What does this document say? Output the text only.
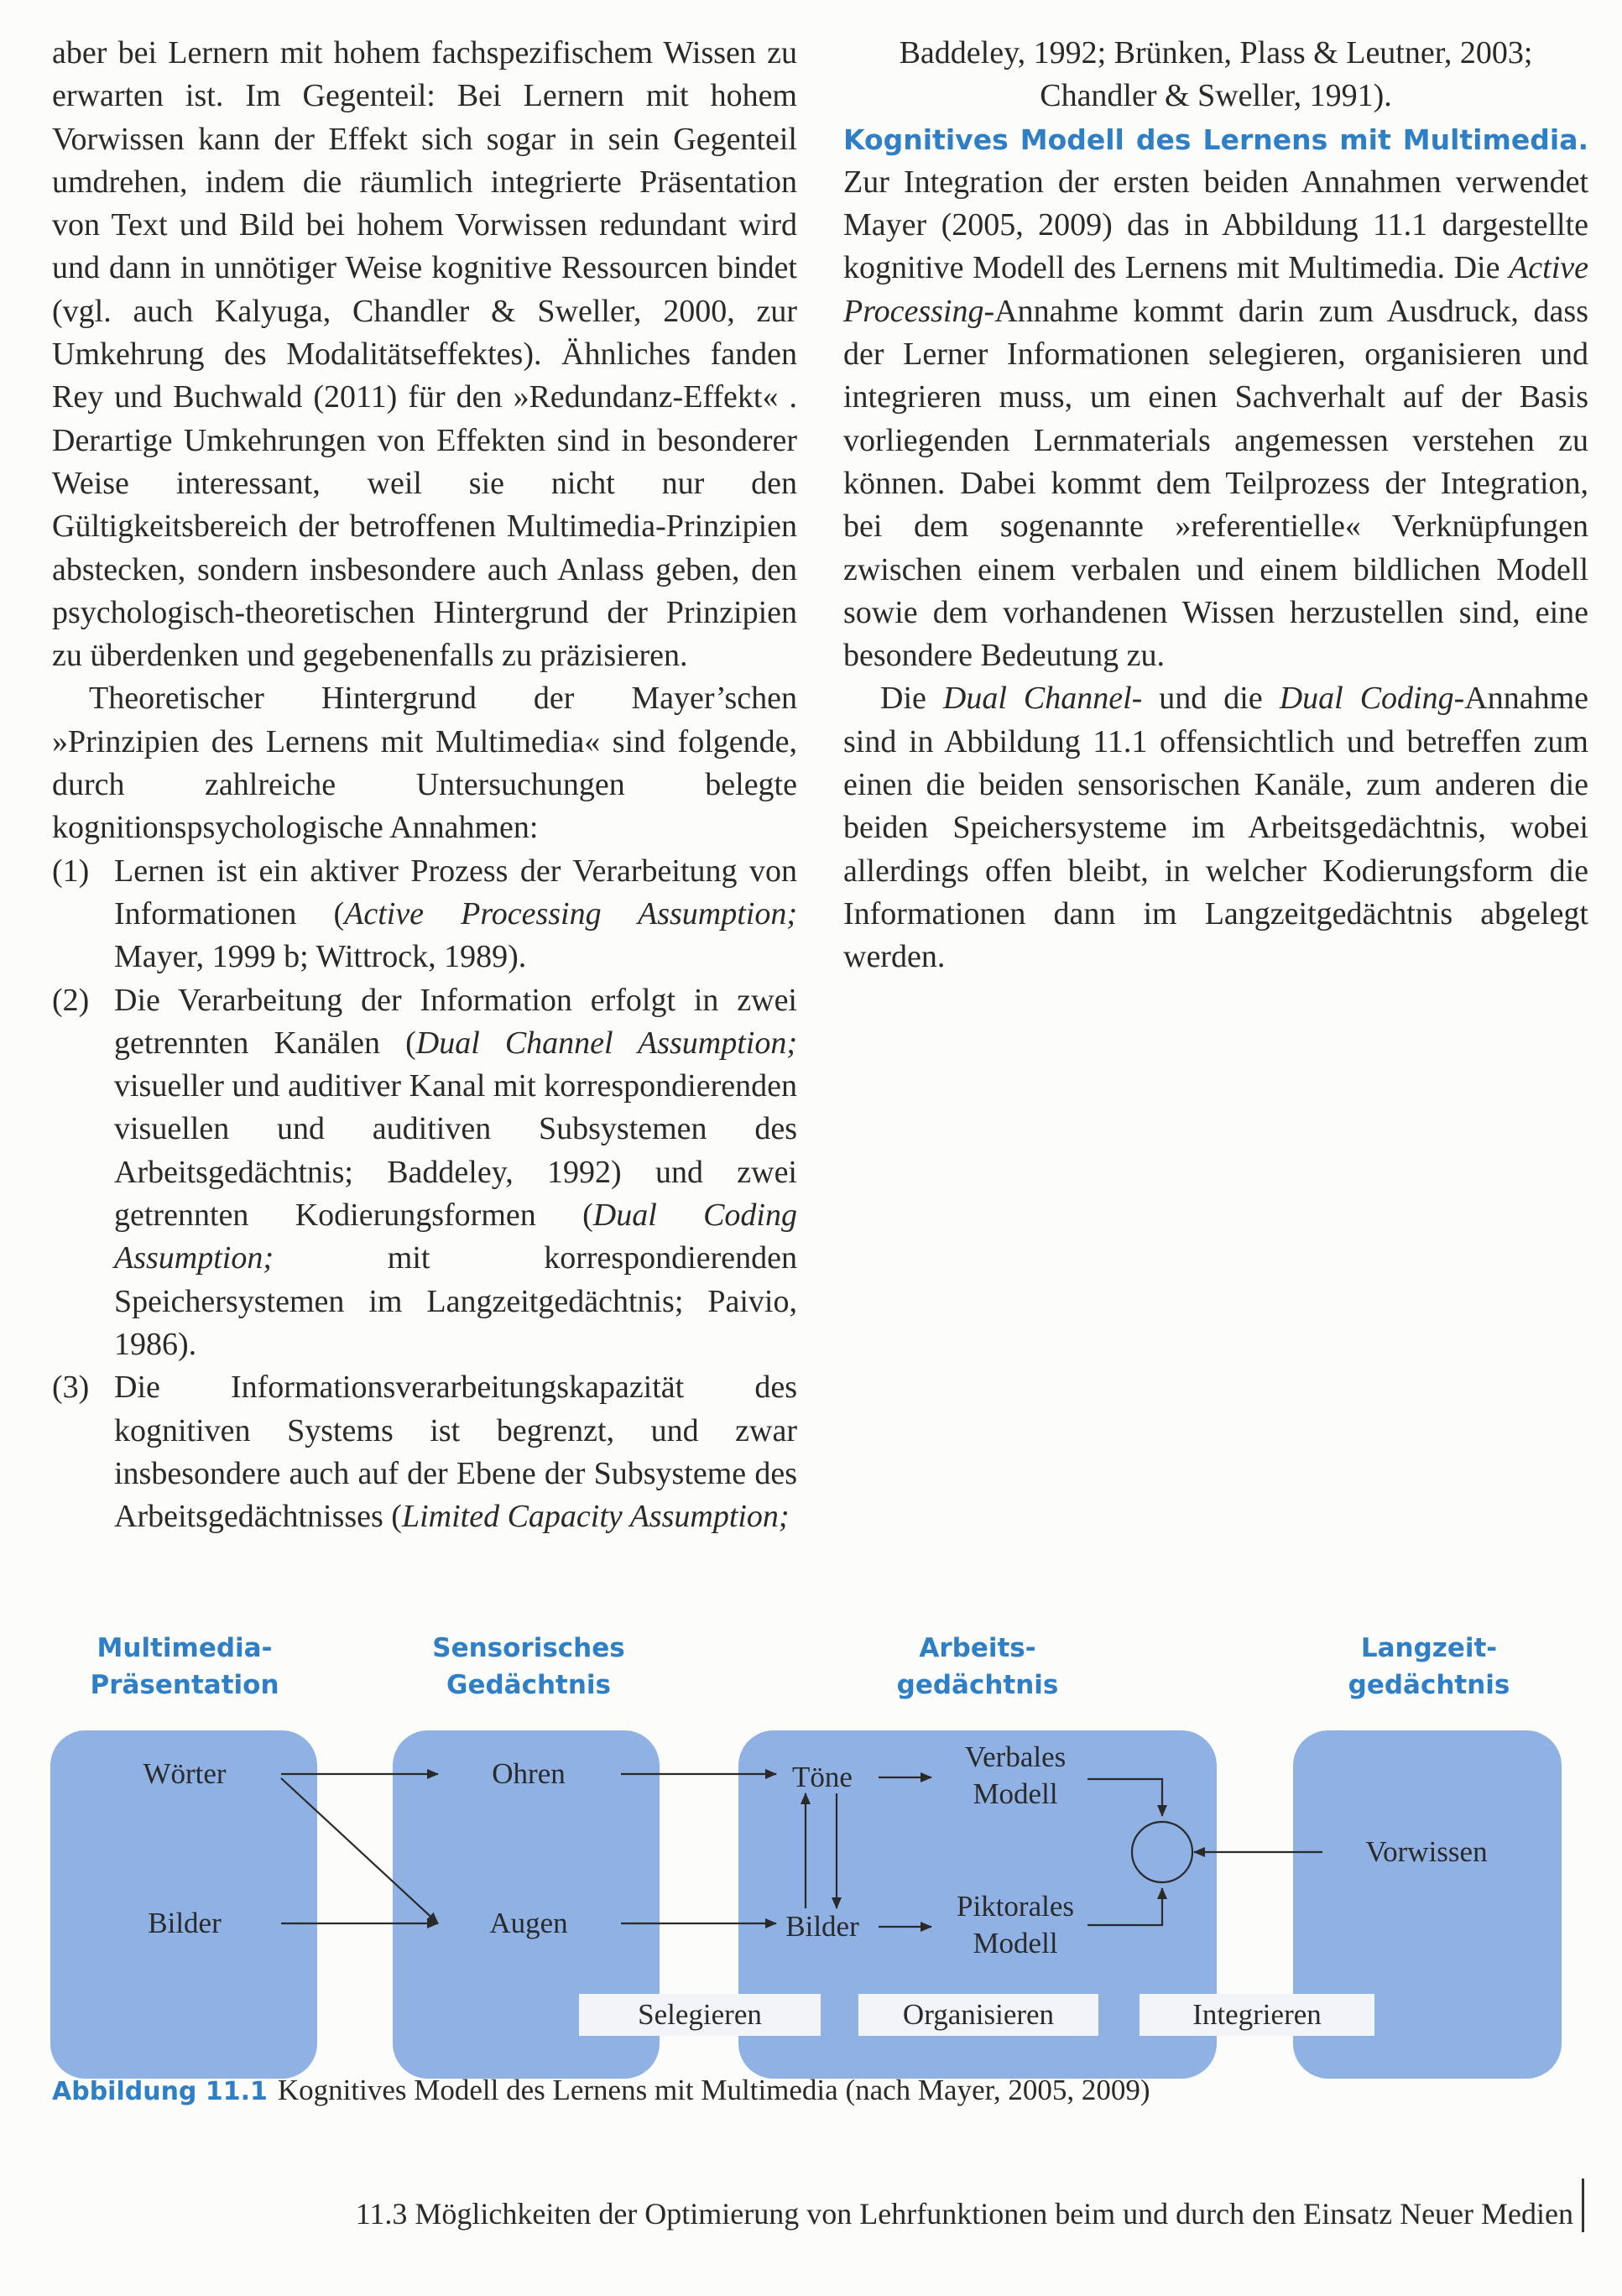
aber bei Lernern mit hohem fachspezifischem Wissen zu erwarten ist. Im Gegenteil: Bei Lernern mit hohem Vorwissen kann der Effekt sich sogar in sein Gegenteil umdrehen, indem die räumlich integrierte Präsentation von Text und Bild bei hohem Vorwissen redundant wird und dann in unnötiger Weise kognitive Ressourcen bindet (vgl. auch Kalyuga, Chandler & Sweller, 2000, zur Umkehrung des Modalitätseffektes). Ähnliches fanden Rey und Buchwald (2011) für den »Redundanz-Effekt« . Derartige Umkehrungen von Effekten sind in besonderer Weise interessant, weil sie nicht nur den Gültigkeitsbereich der betroffenen Multimedia-Prinzipien abstecken, sondern insbesondere auch Anlass geben, den psychologisch-theoretischen Hintergrund der Prinzipien zu überdenken und gegebenenfalls zu präzisieren.

Theoretischer Hintergrund der Mayer’schen »Prinzipien des Lernens mit Multimedia« sind folgende, durch zahlreiche Untersuchungen belegte kognitionspsychologische Annahmen:

(1) Lernen ist ein aktiver Prozess der Verarbeitung von Informationen (Active Processing Assumption; Mayer, 1999 b; Wittrock, 1989).
(2) Die Verarbeitung der Information erfolgt in zwei getrennten Kanälen (Dual Channel Assumption; visueller und auditiver Kanal mit korrespondierenden visuellen und auditiven Subsystemen des Arbeitsgedächtnis; Baddeley, 1992) und zwei getrennten Kodierungsformen (Dual Coding Assumption; mit korrespondierenden Speichersystemen im Langzeitgedächtnis; Paivio, 1986).
(3) Die Informationsverarbeitungskapazität des kognitiven Systems ist begrenzt, und zwar insbesondere auch auf der Ebene der Subsysteme des Arbeitsgedächtnisses (Limited Capacity Assumption;

Baddeley, 1992; Brünken, Plass & Leutner, 2003; Chandler & Sweller, 1991).

Kognitives Modell des Lernens mit Multimedia. Zur Integration der ersten beiden Annahmen verwendet Mayer (2005, 2009) das in Abbildung 11.1 dargestellte kognitive Modell des Lernens mit Multimedia. Die Active Processing-Annahme kommt darin zum Ausdruck, dass der Lerner Informationen selegieren, organisieren und integrieren muss, um einen Sachverhalt auf der Basis vorliegenden Lernmaterials angemessen verstehen zu können. Dabei kommt dem Teilprozess der Integration, bei dem sogenannte »referentielle« Verknüpfungen zwischen einem verbalen und einem bildlichen Modell sowie dem vorhandenen Wissen herzustellen sind, eine besondere Bedeutung zu.

Die Dual Channel- und die Dual Coding-Annahme sind in Abbildung 11.1 offensichtlich und betreffen zum einen die beiden sensorischen Kanäle, zum anderen die beiden Speichersysteme im Arbeitsgedächtnis, wobei allerdings offen bleibt, in welcher Kodierungsform die Informationen dann im Langzeitgedächtnis abgelegt werden.

Multimedia-
Präsentation
Sensorisches
Gedächtnis
Arbeits-
gedächtnis
Langzeit-
gedächtnis
Wörter
Bilder
Ohren
Augen
Töne
Bilder
Verbales
Modell
Piktorales
Modell
Vorwissen
Selegieren	Organisieren	Integrieren
Abbildung 11.1 Kognitives Modell des Lernens mit Multimedia (nach Mayer, 2005, 2009)
11.3 Möglichkeiten der Optimierung von Lehrfunktionen beim und durch den Einsatz Neuer Medien
